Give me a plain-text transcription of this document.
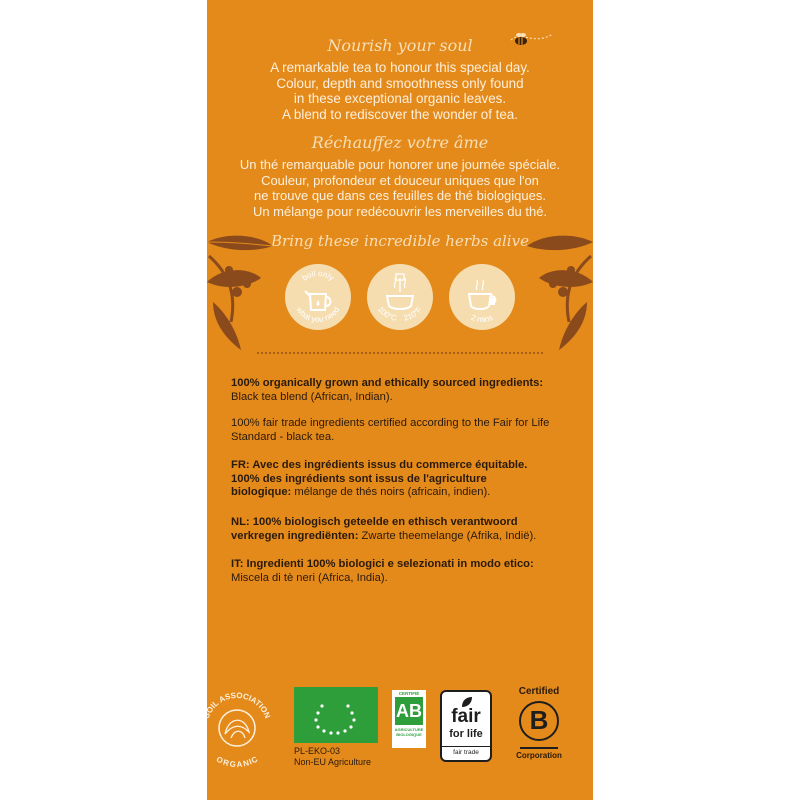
Nourish your soul
A remarkable tea to honour this special day.
Colour, depth and smoothness only found
in these exceptional organic leaves.
A blend to rediscover the wonder of tea.
Réchauffez votre âme
Un thé remarquable pour honorer une journée spéciale.
Couleur, profondeur et douceur uniques que l'on
ne trouve que dans ces feuilles de thé biologiques.
Un mélange pour redécouvrir les merveilles du thé.
Bring these incredible herbs alive
boil only
what you need	100°C 210°F
2 mins
100% organically grown and ethically sourced ingredients:
Black tea blend (African, Indian).
100% fair trade ingredients certified according to the Fair for Life Standard - black tea.
FR: Avec des ingrédients issus du commerce équitable. 100% des ingrédients sont issus de l'agriculture biologique: mélange de thés noirs (africain, indien).
NL: 100% biologisch geteelde en ethisch verantwoord verkregen ingrediënten: Zwarte theemelange (Afrika, Indië).
IT: Ingredienti 100% biologici e selezionati in modo etico:
Miscela di tè neri (Africa, India).
SOIL ASSOCIATION
ORGANIC
PL-EKO-03
Non-EU Agriculture
CERTIFIÉ
AB
AGRICULTURE BIOLOGIQUE
fair
for life
fair trade
Certified
B
Corporation
